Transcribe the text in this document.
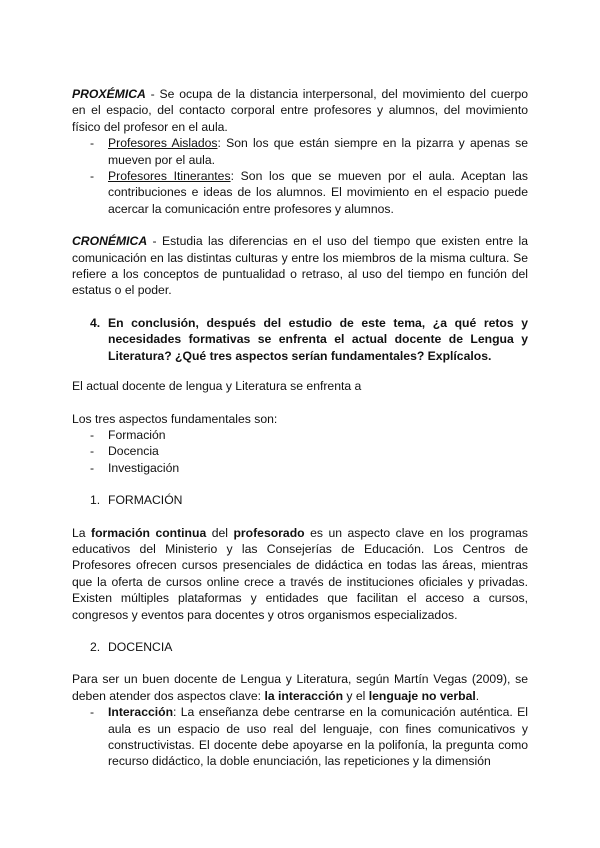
PROXÉMICA - Se ocupa de la distancia interpersonal, del movimiento del cuerpo en el espacio, del contacto corporal entre profesores y alumnos, del movimiento físico del profesor en el aula.

- Profesores Aislados: Son los que están siempre en la pizarra y apenas se mueven por el aula.
- Profesores Itinerantes: Son los que se mueven por el aula. Aceptan las contribuciones e ideas de los alumnos. El movimiento en el espacio puede acercar la comunicación entre profesores y alumnos.

CRONÉMICA - Estudia las diferencias en el uso del tiempo que existen entre la comunicación en las distintas culturas y entre los miembros de la misma cultura. Se refiere a los conceptos de puntualidad o retraso, al uso del tiempo en función del estatus o el poder.

4. En conclusión, después del estudio de este tema, ¿a qué retos y necesidades formativas se enfrenta el actual docente de Lengua y Literatura? ¿Qué tres aspectos serían fundamentales? Explícalos.

El actual docente de lengua y Literatura se enfrenta a

Los tres aspectos fundamentales son:

- Formación
- Docencia
- Investigación
1. FORMACIÓN

La formación continua del profesorado es un aspecto clave en los programas educativos del Ministerio y las Consejerías de Educación. Los Centros de Profesores ofrecen cursos presenciales de didáctica en todas las áreas, mientras que la oferta de cursos online crece a través de instituciones oficiales y privadas. Existen múltiples plataformas y entidades que facilitan el acceso a cursos, congresos y eventos para docentes y otros organismos especializados.

2. DOCENCIA

Para ser un buen docente de Lengua y Literatura, según Martín Vegas (2009), se deben atender dos aspectos clave: la interacción y el lenguaje no verbal.

- Interacción: La enseñanza debe centrarse en la comunicación auténtica. El aula es un espacio de uso real del lenguaje, con fines comunicativos y constructivistas. El docente debe apoyarse en la polifonía, la pregunta como recurso didáctico, la doble enunciación, las repeticiones y la dimensión
